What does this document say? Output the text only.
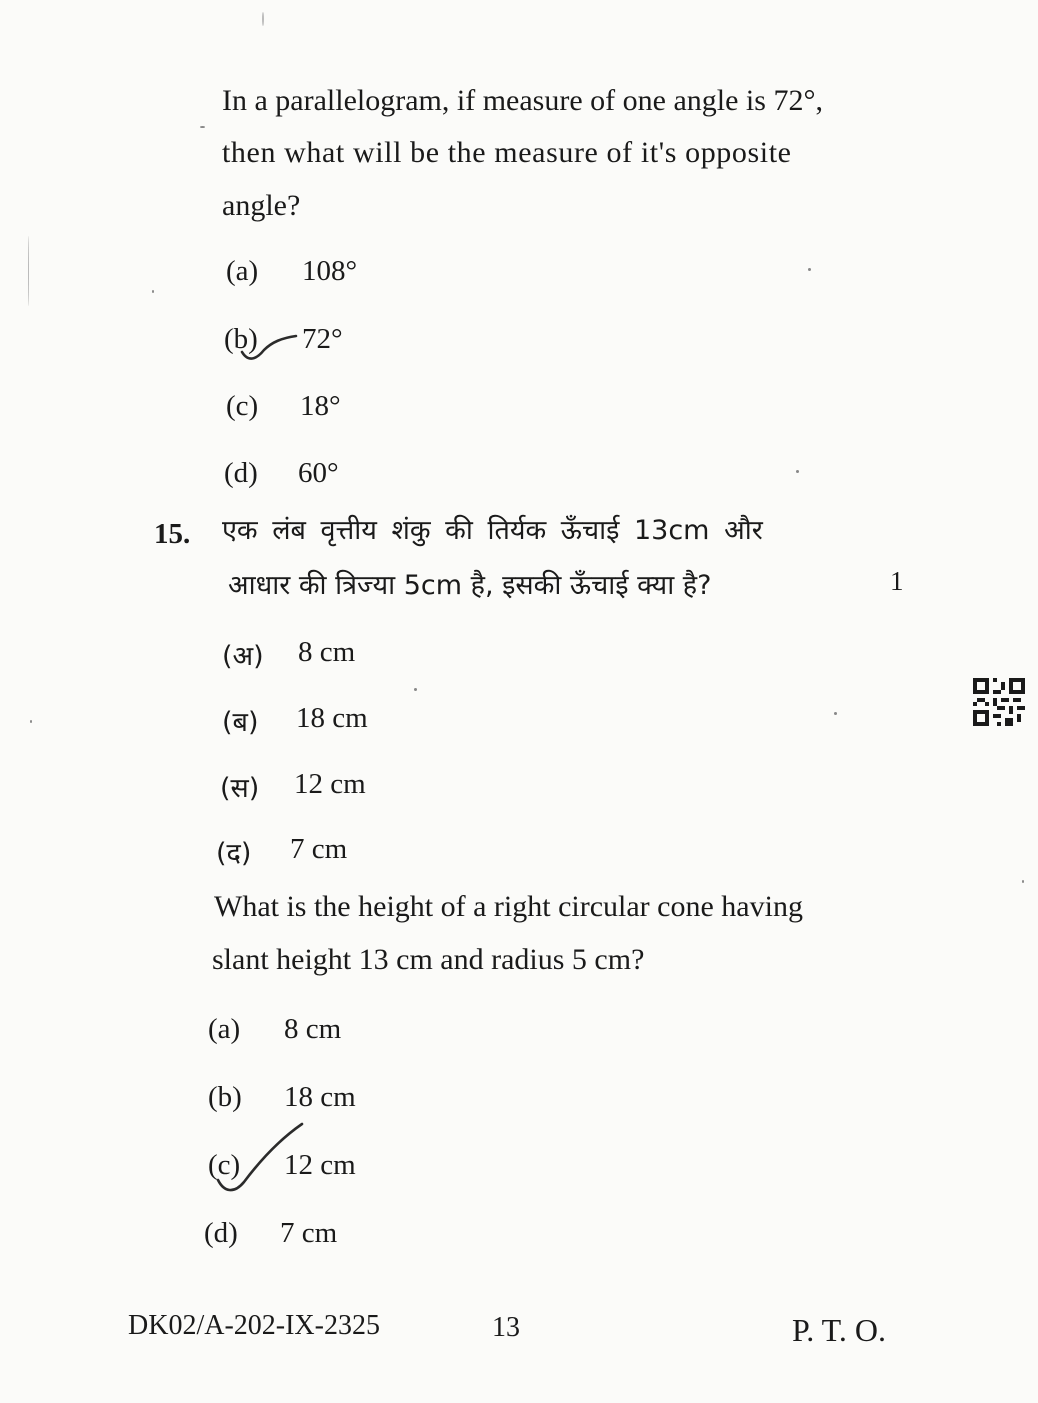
In a parallelogram, if measure of one angle is 72°,
then what will be the measure of it's opposite
angle?
(a) 108°
(b) 72°
(c) 18°
(d) 60°
15. एक लंब वृत्तीय शंकु की तिर्यक ऊँचाई 13cm और
आधार की त्रिज्या 5cm है, इसकी ऊँचाई क्या है?	1
(अ) 8 cm
(ब) 18 cm
(स) 12 cm
(द) 7 cm
What is the height of a right circular cone having
slant height 13 cm and radius 5 cm?
(a) 8 cm
(b) 18 cm
(c) 12 cm
(d) 7 cm
DK02/A-202-IX-2325	13	P. T. O.
